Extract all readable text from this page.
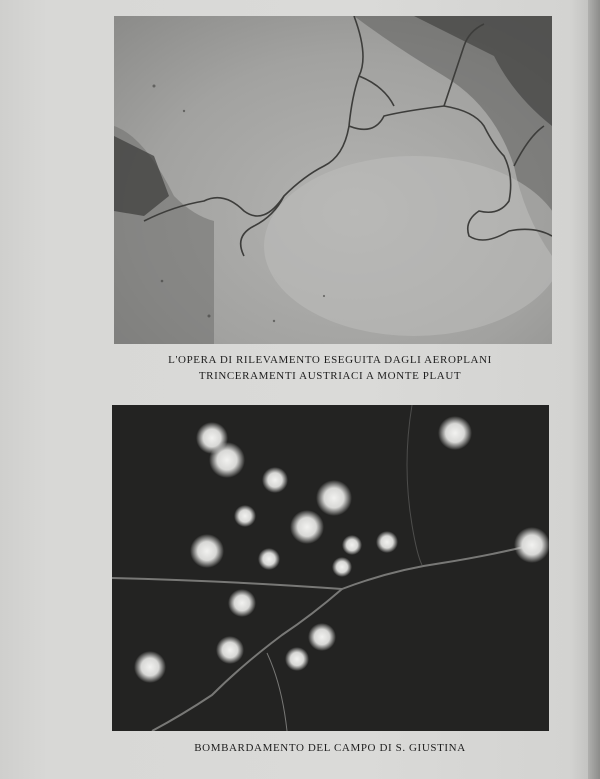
L'OPERA DI RILEVAMENTO ESEGUITA DAGLI AEROPLANI
TRINCERAMENTI AUSTRIACI A MONTE PLAUT
BOMBARDAMENTO DEL CAMPO DI S. GIUSTINA
